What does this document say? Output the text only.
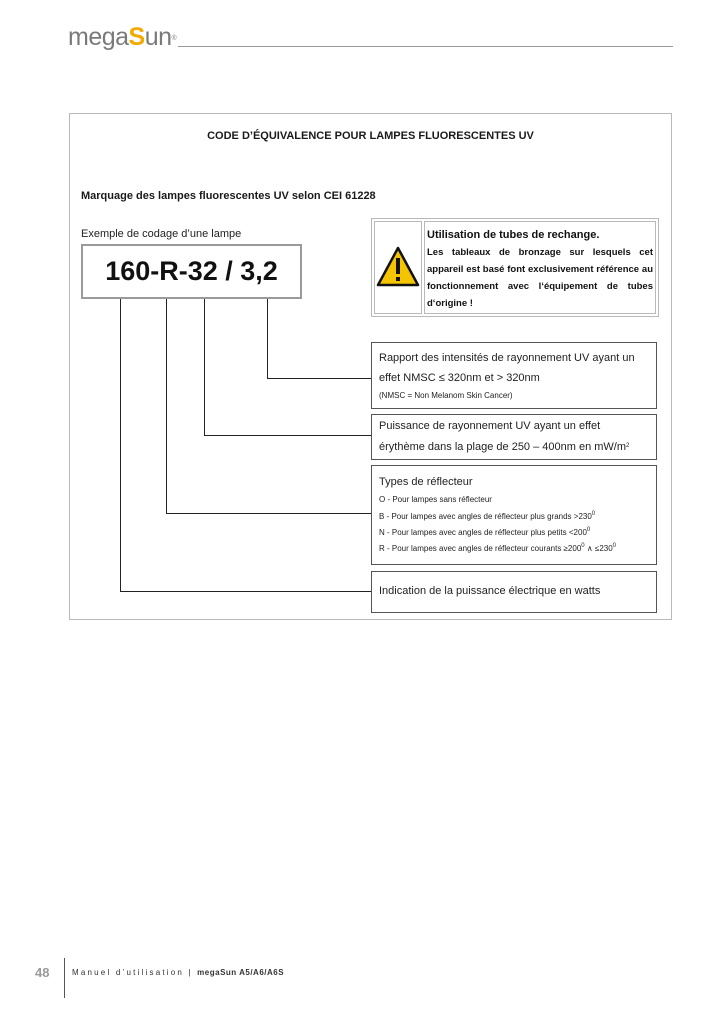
megaSun®
CODE D’ÉQUIVALENCE POUR LAMPES FLUORESCENTES UV
Marquage des lampes fluorescentes UV selon CEI 61228
Exemple de codage d’une lampe
160-R-32 / 3,2
Utilisation de tubes de rechange.
Les tableaux de bronzage sur lesquels cet appareil est basé font exclusivement référence au fonctionnement avec l‘équipement de tubes d‘origine !
Rapport des intensités de rayonnement UV ayant un
effet NMSC ≤ 320nm et > 320nm
(NMSC = Non Melanom Skin Cancer)
Puissance de rayonnement UV ayant un effet
érythème dans la plage de 250 – 400nm en $mW/m^2$
Types de réflecteur
O - Pour lampes sans réflecteur
B - Pour lampes avec angles de réflecteur plus grands $>230^0$
N - Pour lampes avec angles de réflecteur plus petits $<200^0$
R - Pour lampes avec angles de réflecteur courants $\ge 200^0$ ∧ $\le 230^0$
Indication de la puissance électrique en watts
48	Manuel d’utilisation | megaSun A5/A6/A6S
